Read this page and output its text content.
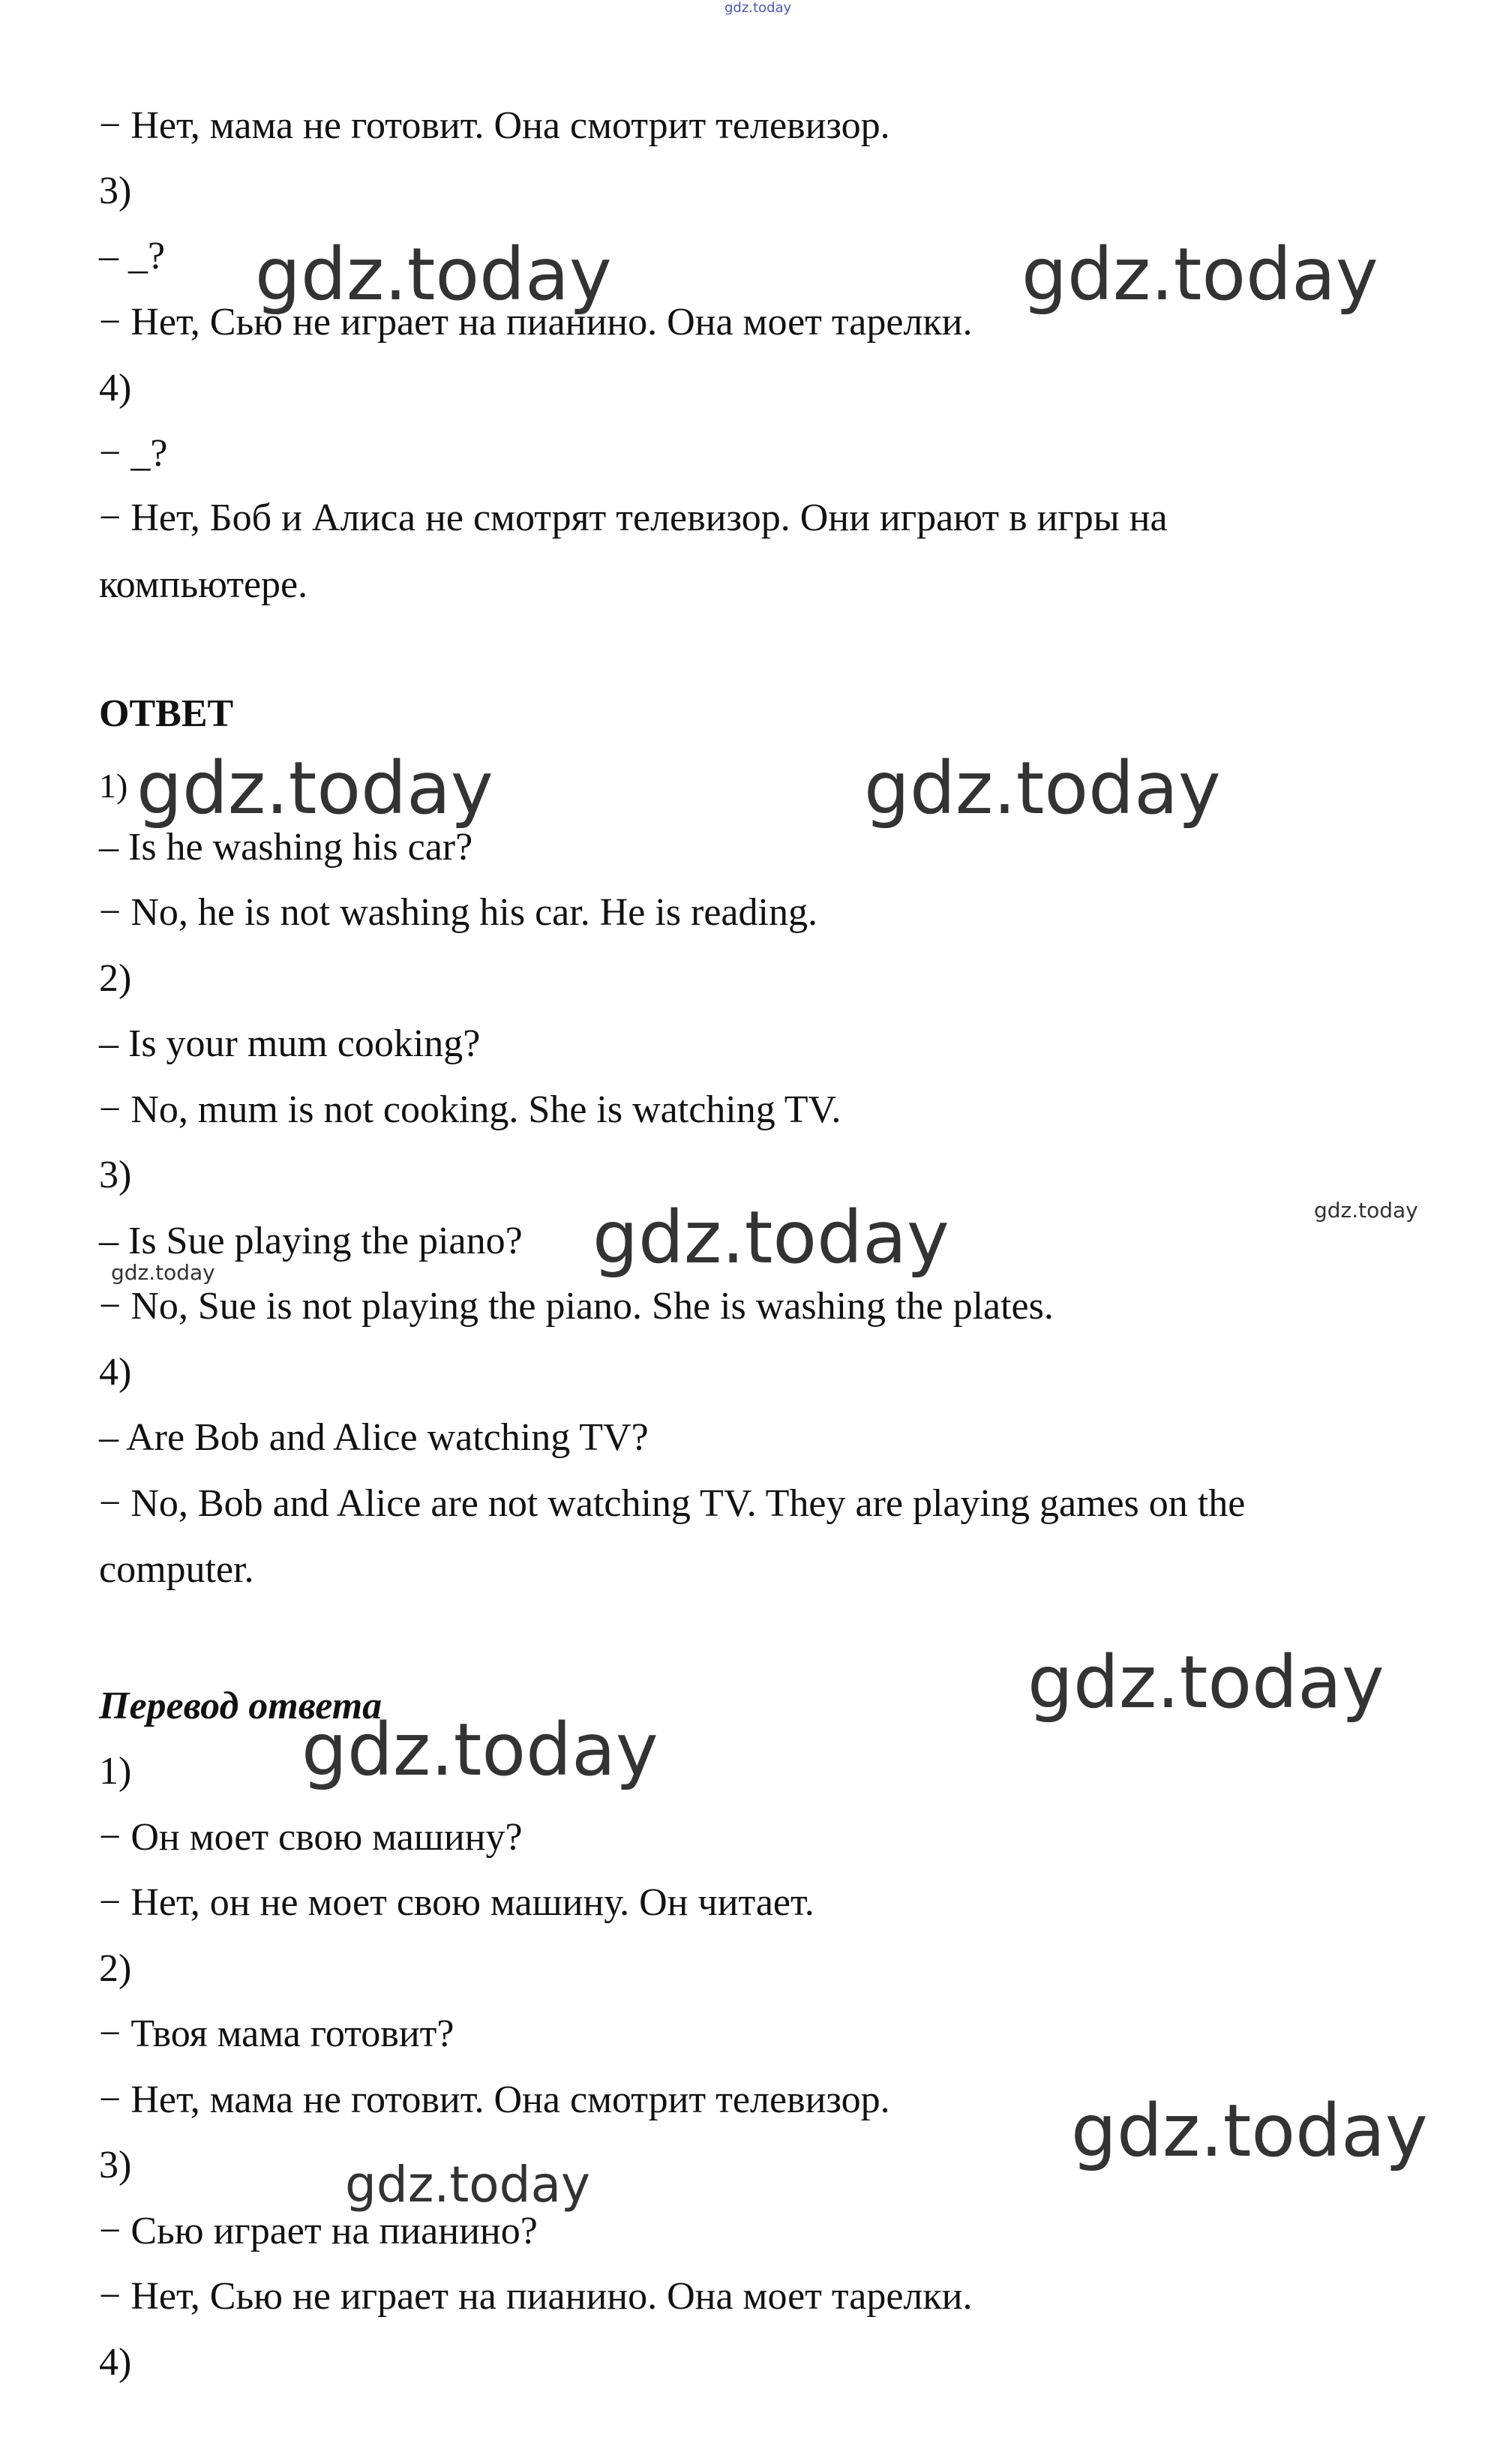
gdz.today
− Нет, мама не готовит. Она смотрит телевизор.
3)
– _?
− Нет, Сью не играет на пианино. Она моет тарелки.
4)
− _?
− Нет, Боб и Алиса не смотрят телевизор. Они играют в игры на
компьютере.
ОТВЕТ
1)
– Is he washing his car?
− No, he is not washing his car. He is reading.
2)
– Is your mum cooking?
− No, mum is not cooking. She is watching TV.
3)
– Is Sue playing the piano?
− No, Sue is not playing the piano. She is washing the plates.
4)
– Are Bob and Alice watching TV?
− No, Bob and Alice are not watching TV. They are playing games on the
computer.
Перевод ответа
1)
− Он моет свою машину?
− Нет, он не моет свою машину. Он читает.
2)
− Твоя мама готовит?
− Нет, мама не готовит. Она смотрит телевизор.
3)
− Сью играет на пианино?
− Нет, Сью не играет на пианино. Она моет тарелки.
4)
gdz.today	gdz.today
gdz.today	gdz.today
gdz.today	gdz.today
gdz.today
gdz.today
gdz.today
gdz.today
gdz.today
